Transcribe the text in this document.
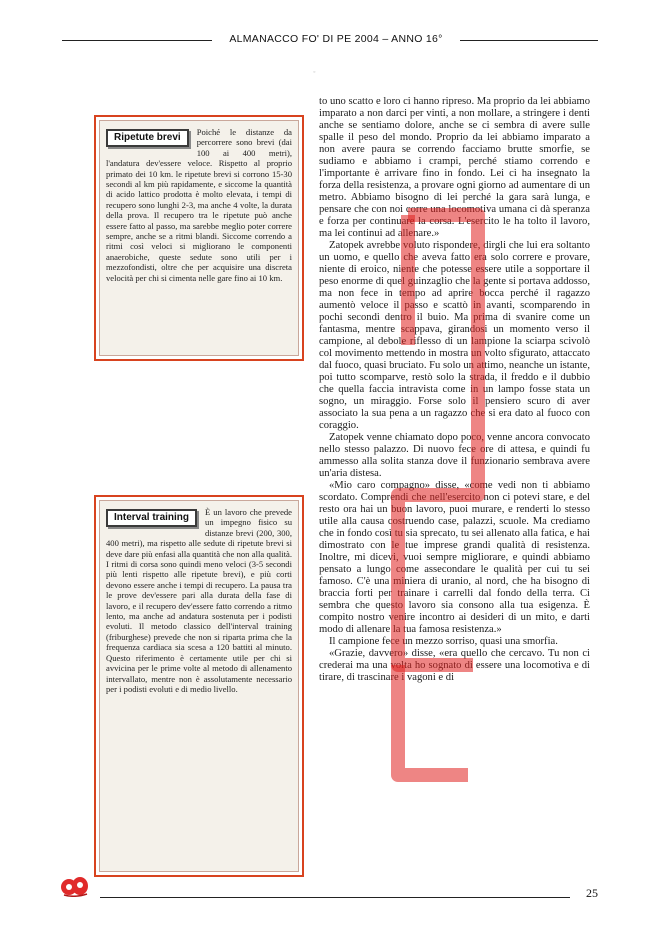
ALMANACCO FO' DI PE 2004 – ANNO 16°
◦
Ripetute brevi	Poiché le distanze da percorrere sono brevi (dai 100 ai 400 metri), l'andatura dev'essere veloce. Rispetto al proprio primato dei 10 km. le ripetute brevi si corrono 15-30 secondi al km più rapidamente, e siccome la quantità di acido lattico prodotta è molto elevata, i tempi di recupero sono lunghi 2-3, ma anche 4 volte, la durata della prova. Il recupero tra le ripetute può anche essere fatto al passo, ma sarebbe meglio poter correre sempre, anche se a ritmi blandi. Siccome correndo a ritmi così veloci si migliorano le componenti anaerobiche, queste sedute sono utili per i mezzofondisti, oltre che per acquisire una discreta velocità per chi si cimenta nelle gare fino ai 10 km.
Interval training	È un lavoro che prevede un impegno fisico su distanze brevi (200, 300, 400 metri), ma rispetto alle sedute di ripetute brevi si deve dare più enfasi alla quantità che non alla qualità. I ritmi di corsa sono quindi meno veloci (3-5 secondi più lenti rispetto alle ripetute brevi), e più corti devono essere anche i tempi di recupero. La pausa tra le prove dev'essere pari alla durata della fase di lavoro, e il recupero dev'essere fatto correndo a ritmo lento, ma anche ad andatura sostenuta per i podisti evoluti. Il metodo classico dell'interval training (friburghese) prevede che non si riparta prima che la frequenza cardiaca sia scesa a 120 battiti al minuto. Questo riferimento è certamente utile per chi si avvicina per le prime volte al metodo di allenamento intervallato, mentre non è assolutamente necessario per i podisti evoluti e di medio livello.

to uno scatto e loro ci hanno ripreso. Ma proprio da lei abbiamo imparato a non darci per vinti, a non mollare, a stringere i denti anche se sentiamo dolore, anche se ci sembra di avere sulle spalle il peso del mondo. Proprio da lei abbiamo imparato a non avere paura se correndo facciamo brutte smorfie, se sudiamo e abbiamo i crampi, perché stiamo correndo e l'importante è arrivare fino in fondo. Lei ci ha insegnato la forza della resistenza, a provare ogni giorno ad aumentare di un metro. Abbiamo bisogno di lei perché la gara sarà lunga, e pensare che con noi corre una locomotiva umana ci dà speranza e forza per continuare la corsa. L'esercito le ha tolto il lavoro, ma lei continui ad allenare.»

Zatopek avrebbe voluto rispondere, dirgli che lui era soltanto un uomo, e quello che aveva fatto era solo correre e provare, niente di eroico, niente che potesse essere utile a sopportare il peso enorme di quel guinzaglio che la gente si portava addosso, ma non fece in tempo ad aprire bocca perché il ragazzo aumentò veloce il passo e scattò in avanti, scomparendo in pochi secondi dentro il buio. Ma prima di svanire come un fantasma, mentre scappava, girandosi un momento verso il campione, al debole riflesso di un lampione la sciarpa scivolò col movimento mettendo in mostra un volto sfigurato, attaccato dal fuoco, quasi bruciato. Fu solo un attimo, neanche un istante, poi tutto scomparve, restò solo la strada, il freddo e il dubbio che quella faccia intravista come in un lampo fosse stata un sogno, un miraggio. Forse solo il pensiero scuro di aver associato la sua pena a un ragazzo che si era dato al fuoco con coraggio.

Zatopek venne chiamato dopo poco, venne ancora convocato nello stesso palazzo. Di nuovo fece ore di attesa, e quindi fu ammesso alla solita stanza dove il funzionario sembrava avere un'aria distesa.

«Mio caro compagno» disse, «come vedi non ti abbiamo scordato. Comprendi che nell'esercito non ci potevi stare, e del resto ora hai un buon lavoro, puoi murare, e renderti lo stesso utile alla causa costruendo case, palazzi, scuole. Ma crediamo che in fondo così tu sia sprecato, tu sei allenato alla fatica, e hai dimostrato con le tue imprese grandi qualità di resistenza. Inoltre, mi dicevi, vuoi sempre migliorare, e quindi abbiamo pensato a lungo come assecondare le qualità per cui tu sei famoso. C'è una miniera di uranio, al nord, che ha bisogno di braccia forti per trainare i carrelli dal fondo della terra. Ci sembra che questo lavoro sia consono alla tua esigenza. È compito nostro venire incontro ai desideri di un mito, e darti modo di allenare la tua famosa resistenza.»

Il campione fece un mezzo sorriso, quasi una smorfia.

«Grazie, davvero» disse, «era quello che cercavo. Tu non ci crederai ma una volta ho sognato di essere una locomotiva e di tirare, di trascinare i vagoni e di

25
